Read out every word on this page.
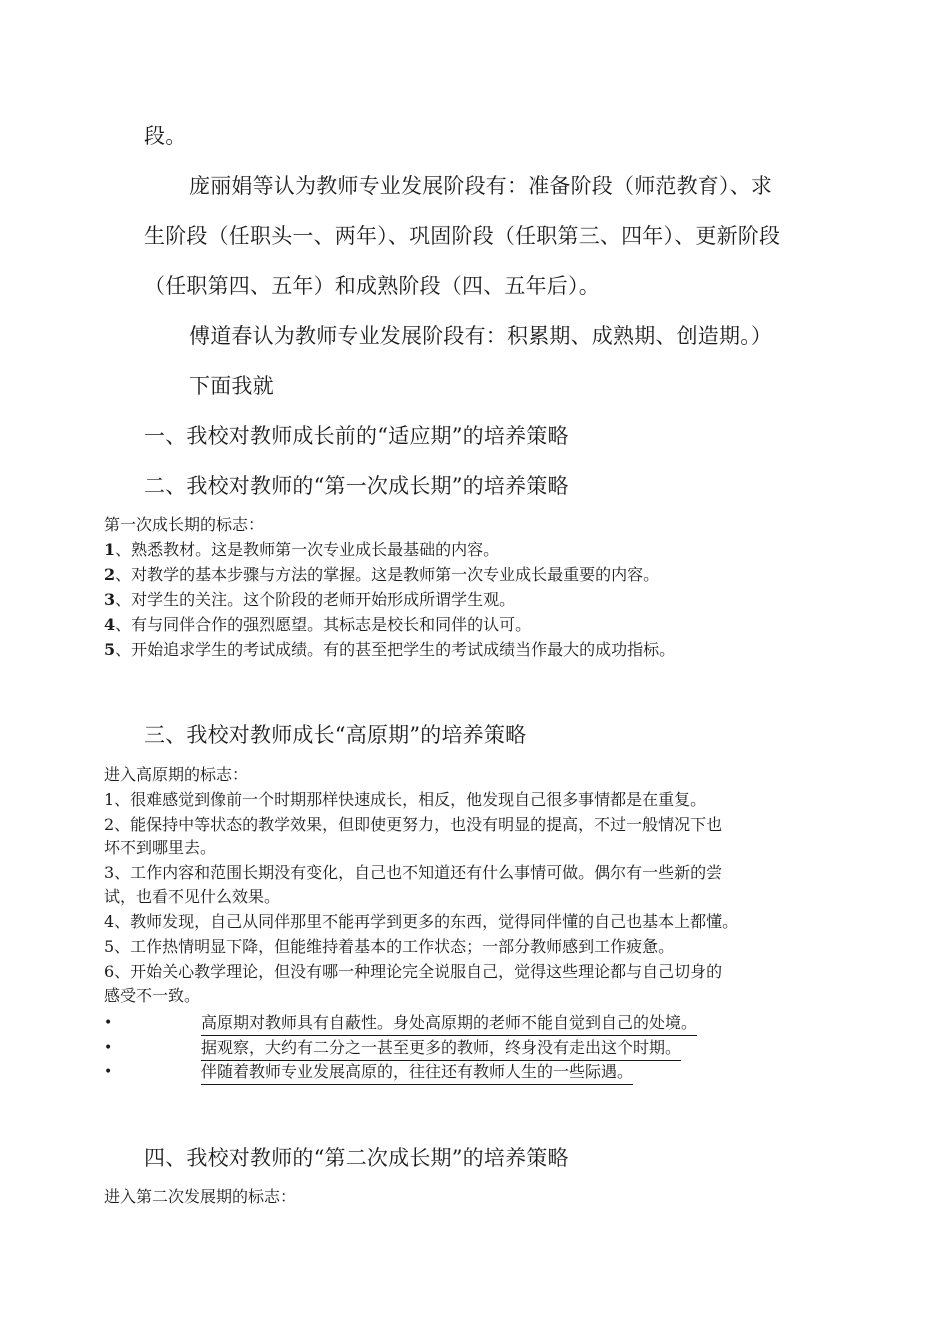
段。
庞丽娟等认为教师专业发展阶段有：准备阶段（师范教育）、求
生阶段（任职头一、两年）、巩固阶段（任职第三、四年）、更新阶段
（任职第四、五年）和成熟阶段（四、五年后）。
傅道春认为教师专业发展阶段有：积累期、成熟期、创造期。）
下面我就
一、我校对教师成长前的“适应期”的培养策略
二、我校对教师的“第一次成长期”的培养策略
第一次成长期的标志：
1、熟悉教材。这是教师第一次专业成长最基础的内容。
2、对教学的基本步骤与方法的掌握。这是教师第一次专业成长最重要的内容。
3、对学生的关注。这个阶段的老师开始形成所谓学生观。
4、有与同伴合作的强烈愿望。其标志是校长和同伴的认可。
5、开始追求学生的考试成绩。有的甚至把学生的考试成绩当作最大的成功指标。
三、我校对教师成长“高原期”的培养策略
进入高原期的标志：
1、很难感觉到像前一个时期那样快速成长，相反，他发现自己很多事情都是在重复。
2、能保持中等状态的教学效果，但即使更努力，也没有明显的提高，不过一般情况下也
坏不到哪里去。
3、工作内容和范围长期没有变化，自己也不知道还有什么事情可做。偶尔有一些新的尝
试，也看不见什么效果。
4、教师发现，自己从同伴那里不能再学到更多的东西，觉得同伴懂的自己也基本上都懂。
5、工作热情明显下降，但能维持着基本的工作状态；一部分教师感到工作疲惫。
6、开始关心教学理论，但没有哪一种理论完全说服自己，觉得这些理论都与自己切身的
感受不一致。
•	高原期对教师具有自蔽性。身处高原期的老师不能自觉到自己的处境。
•	据观察，大约有二分之一甚至更多的教师，终身没有走出这个时期。
•	伴随着教师专业发展高原的，往往还有教师人生的一些际遇。
四、我校对教师的“第二次成长期”的培养策略
进入第二次发展期的标志：
